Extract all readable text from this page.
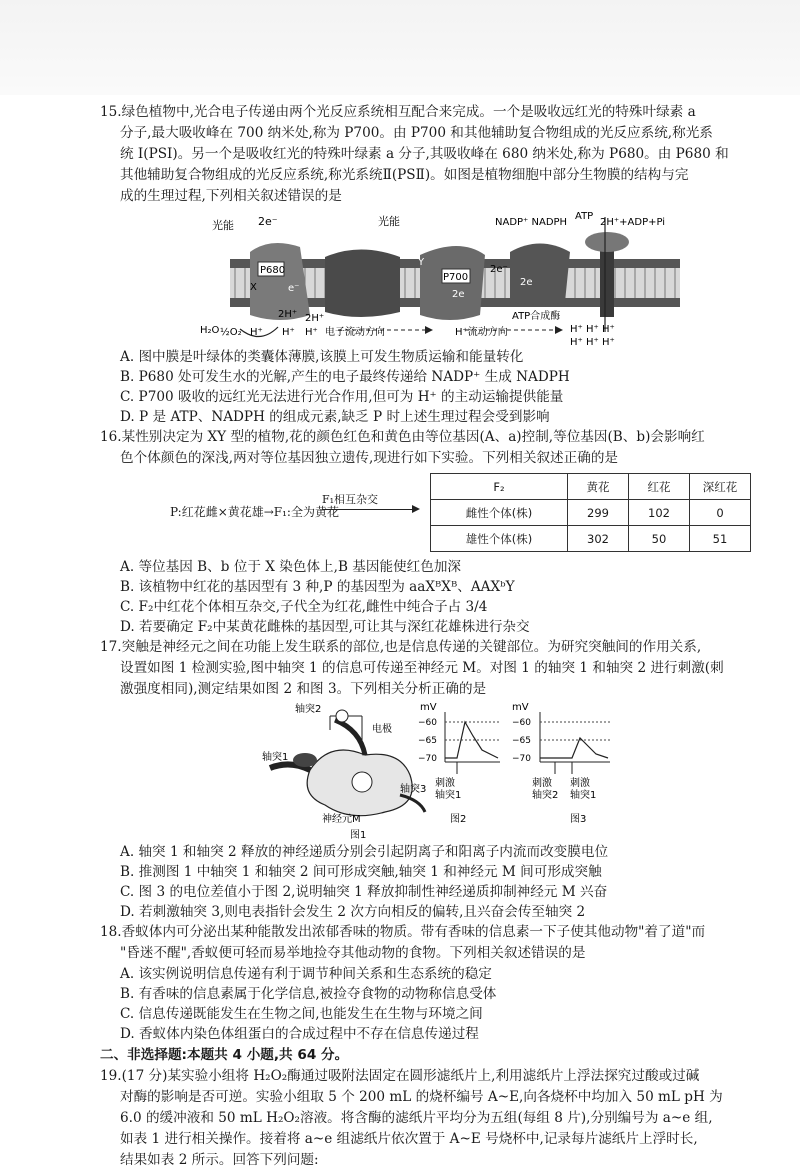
15.绿色植物中,光合电子传递由两个光反应系统相互配合来完成。一个是吸收远红光的特殊叶绿素 a

分子,最大吸收峰在 700 纳米处,称为 P700。由 P700 和其他辅助复合物组成的光反应系统,称光系

统 I(PSI)。另一个是吸收红光的特殊叶绿素 a 分子,其吸收峰在 680 纳米处,称为 P680。由 P680 和

其他辅助复合物组成的光反应系统,称光系统Ⅱ(PSⅡ)。如图是植物细胞中部分生物膜的结构与完

成的生理过程,下列相关叙述错误的是

光能 2e⁻
P680
X	e⁻
光能
Y
P700
2e
2e⁻
2e
NADP⁺ NADPH
ATP
2H⁺+ADP+Pi
H₂O ½O₂ H⁺
2H⁺ 2H⁺
H⁺ H⁺ 电子流动方向	H⁺流动方向
ATP合成酶
H⁺ H⁺ H⁺
H⁺ H⁺ H⁺

A. 图中膜是叶绿体的类囊体薄膜,该膜上可发生物质运输和能量转化

B. P680 处可发生水的光解,产生的电子最终传递给 NADP⁺ 生成 NADPH

C. P700 吸收的远红光无法进行光合作用,但可为 H⁺ 的主动运输提供能量

D. P 是 ATP、NADPH 的组成元素,缺乏 P 时上述生理过程会受到影响

16.某性别决定为 XY 型的植物,花的颜色红色和黄色由等位基因(A、a)控制,等位基因(B、b)会影响红

色个体颜色的深浅,两对等位基因独立遗传,现进行如下实验。下列相关叙述正确的是

P:红花雌×黄花雄→F₁:全为黄花
F₁相互杂交
F₂	黄花	红花	深红花
雌性个体(株)	299	102	0
雄性个体(株)	302	50	51

A. 等位基因 B、b 位于 X 染色体上,B 基因能使红色加深

B. 该植物中红花的基因型有 3 种,P 的基因型为 aaXᴮXᴮ、AAXᵇY

C. F₂中红花个体相互杂交,子代全为红花,雌性中纯合子占 3/4

D. 若要确定 F₂中某黄花雌株的基因型,可让其与深红花雄株进行杂交

17.突触是神经元之间在功能上发生联系的部位,也是信息传递的关键部位。为研究突触间的作用关系,

设置如图 1 检测实验,图中轴突 1 的信息可传递至神经元 M。对图 1 的轴突 1 和轴突 2 进行刺激(刺

激强度相同),测定结果如图 2 和图 3。下列相关分析正确的是

轴突2
电极
轴突1
轴突3
神经元M
图1
mV
−60
−65
−70
刺激
轴突1
图2
mV
−60
−65
−70
刺激
轴突2
刺激
轴突1
图3

A. 轴突 1 和轴突 2 释放的神经递质分别会引起阴离子和阳离子内流而改变膜电位

B. 推测图 1 中轴突 1 和轴突 2 间可形成突触,轴突 1 和神经元 M 间可形成突触

C. 图 3 的电位差值小于图 2,说明轴突 1 释放抑制性神经递质抑制神经元 M 兴奋

D. 若刺激轴突 3,则电表指针会发生 2 次方向相反的偏转,且兴奋会传至轴突 2

18.香蚁体内可分泌出某种能散发出浓郁香味的物质。带有香味的信息素一下子使其他动物"着了道"而

"昏迷不醒",香蚁便可轻而易举地捡夺其他动物的食物。下列相关叙述错误的是

A. 该实例说明信息传递有利于调节种间关系和生态系统的稳定

B. 有香味的信息素属于化学信息,被捡夺食物的动物称信息受体

C. 信息传递既能发生在生物之间,也能发生在生物与环境之间

D. 香蚁体内染色体组蛋白的合成过程中不存在信息传递过程

二、非选择题:本题共 4 小题,共 64 分。

19.(17 分)某实验小组将 H₂O₂酶通过吸附法固定在圆形滤纸片上,利用滤纸片上浮法探究过酸或过碱

对酶的影响是否可逆。实验小组取 5 个 200 mL 的烧杯编号 A~E,向各烧杯中均加入 50 mL pH 为

6.0 的缓冲液和 50 mL H₂O₂溶液。将含酶的滤纸片平均分为五组(每组 8 片),分别编号为 a~e 组,

如表 1 进行相关操作。接着将 a~e 组滤纸片依次置于 A~E 号烧杯中,记录每片滤纸片上浮时长,

结果如表 2 所示。回答下列问题:
